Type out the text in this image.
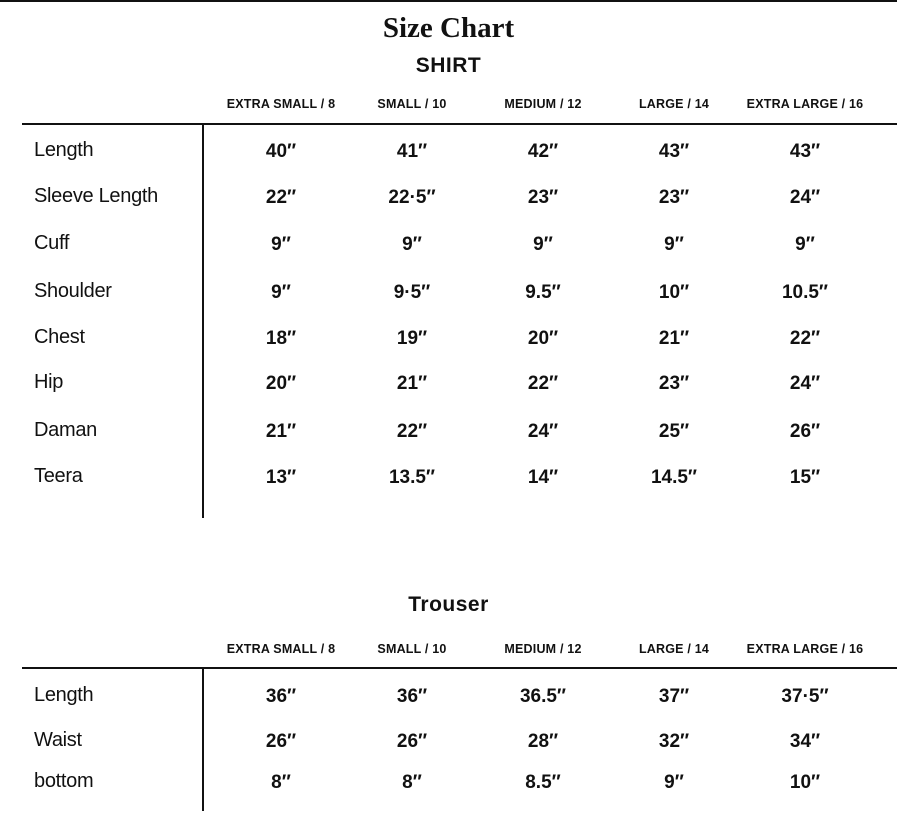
Size Chart
SHIRT
EXTRA SMALL / 8	SMALL / 10	MEDIUM / 12	LARGE / 14	EXTRA LARGE / 16
Length	40″	41″	42″	43″	43″
Sleeve Length	22″	22·5″	23″	23″	24″
Cuff	9″	9″	9″	9″	9″
Shoulder	9″	9·5″	9.5″	10″	10.5″
Chest	18″	19″	20″	21″	22″
Hip	20″	21″	22″	23″	24″
Daman	21″	22″	24″	25″	26″
Teera	13″	13.5″	14″	14.5″	15″
Trouser
EXTRA SMALL / 8	SMALL / 10	MEDIUM / 12	LARGE / 14	EXTRA LARGE / 16
Length	36″	36″	36.5″	37″	37·5″
Waist	26″	26″	28″	32″	34″
bottom	8″	8″	8.5″	9″	10″
